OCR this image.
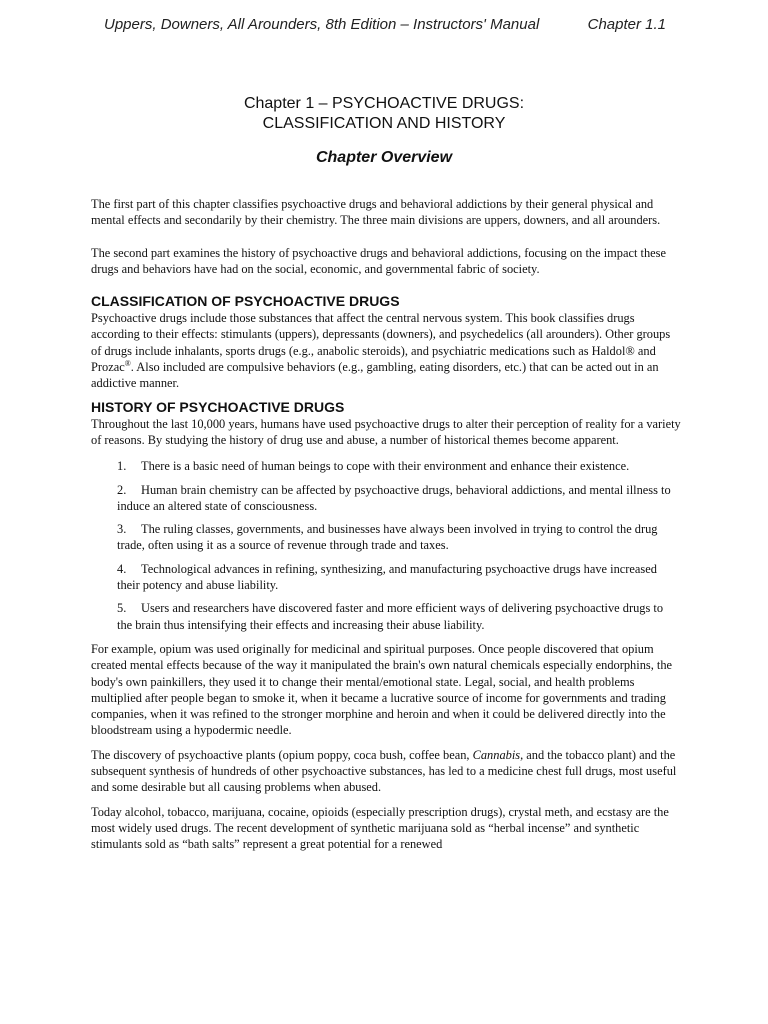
Uppers, Downers, All Arounders, 8th Edition – Instructors' Manual	Chapter 1.1
Chapter 1 – PSYCHOACTIVE DRUGS:
CLASSIFICATION AND HISTORY
Chapter Overview

The first part of this chapter classifies psychoactive drugs and behavioral addictions by their general physical and mental effects and secondarily by their chemistry. The three main divisions are uppers, downers, and all arounders.

The second part examines the history of psychoactive drugs and behavioral addictions, focusing on the impact these drugs and behaviors have had on the social, economic, and governmental fabric of society.

CLASSIFICATION OF PSYCHOACTIVE DRUGS

Psychoactive drugs include those substances that affect the central nervous system. This book classifies drugs according to their effects: stimulants (uppers), depressants (downers), and psychedelics (all arounders). Other groups of drugs include inhalants, sports drugs (e.g., anabolic steroids), and psychiatric medications such as Haldol® and Prozac®. Also included are compulsive behaviors (e.g., gambling, eating disorders, etc.) that can be acted out in an addictive manner.

HISTORY OF PSYCHOACTIVE DRUGS

Throughout the last 10,000 years, humans have used psychoactive drugs to alter their perception of reality for a variety of reasons. By studying the history of drug use and abuse, a number of historical themes become apparent.

1. There is a basic need of human beings to cope with their environment and enhance their existence.
2. Human brain chemistry can be affected by psychoactive drugs, behavioral addictions, and mental illness to induce an altered state of consciousness.
3. The ruling classes, governments, and businesses have always been involved in trying to control the drug trade, often using it as a source of revenue through trade and taxes.
4. Technological advances in refining, synthesizing, and manufacturing psychoactive drugs have increased their potency and abuse liability.
5. Users and researchers have discovered faster and more efficient ways of delivering psychoactive drugs to the brain thus intensifying their effects and increasing their abuse liability.

For example, opium was used originally for medicinal and spiritual purposes. Once people discovered that opium created mental effects because of the way it manipulated the brain's own natural chemicals especially endorphins, the body's own painkillers, they used it to change their mental/emotional state. Legal, social, and health problems multiplied after people began to smoke it, when it became a lucrative source of income for governments and trading companies, when it was refined to the stronger morphine and heroin and when it could be delivered directly into the bloodstream using a hypodermic needle.

The discovery of psychoactive plants (opium poppy, coca bush, coffee bean, Cannabis, and the tobacco plant) and the subsequent synthesis of hundreds of other psychoactive substances, has led to a medicine chest full drugs, most useful and some desirable but all causing problems when abused.

Today alcohol, tobacco, marijuana, cocaine, opioids (especially prescription drugs), crystal meth, and ecstasy are the most widely used drugs. The recent development of synthetic marijuana sold as “herbal incense” and synthetic stimulants sold as “bath salts” represent a great potential for a renewed
